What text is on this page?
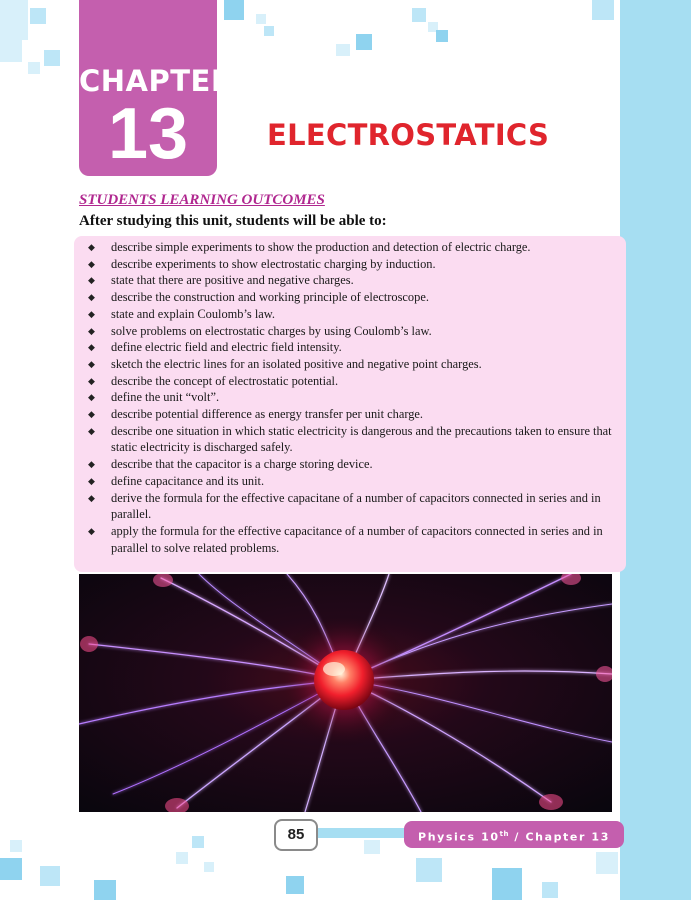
CHAPTER
13	ELECTROSTATICS
STUDENTS LEARNING OUTCOMES
After studying this unit, students will be able to:
◆ describe simple experiments to show the production and detection of electric charge.
◆ describe experiments to show electrostatic charging by induction.
◆ state that there are positive and negative charges.
◆ describe the construction and working principle of electroscope.
◆ state and explain Coulomb’s law.
◆ solve problems on electrostatic charges by using Coulomb’s law.
◆ define electric field and electric field intensity.
◆ sketch the electric lines for an isolated positive and negative point charges.
◆ describe the concept of electrostatic potential.
◆ define the unit “volt”.
◆ describe potential difference as energy transfer per unit charge.
◆ describe one situation in which static electricity is dangerous and the precautions taken to ensure that static electricity is discharged safely.
◆ describe that the capacitor is a charge storing device.
◆ define capacitance and its unit.
◆ derive the formula for the effective capacitane of a number of capacitors connected in series and in parallel.
◆ apply the formula for the effective capacitance of a number of capacitors connected in series and in parallel to solve related problems.
85	Physics 10th / Chapter 13
